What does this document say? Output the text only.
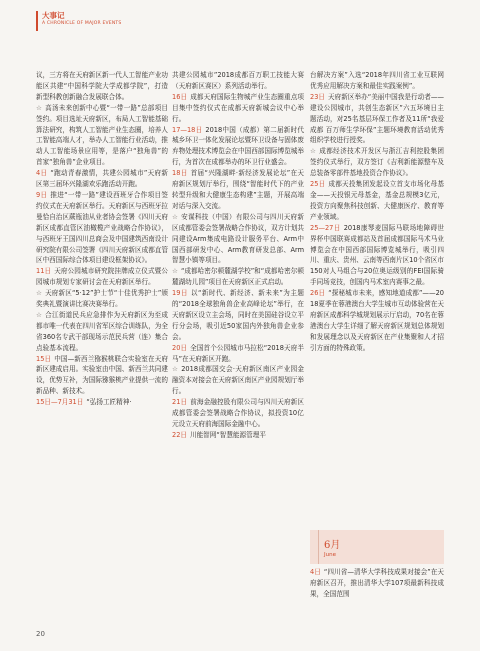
大事记
A CHRONICLE OF MAJOR EVENTS

议，三方将在天府新区新一代人工智能产业功能区共建“中国科学院大学成都学院”，打造新型科教创新融合发展联合体。

☆ 高汤未来创新中心暨“一带一路”总部项目签约。项目选址天府新区，布局人工智能基础算法研究，构筑人工智能产业生态圈，培养人工智能高端人才，举办人工智能行业活动，推动人工智能场景应用等，是落户“独角兽”的首家“独角兽”企业项目。

4日 “跑动青春激情，共建公园城市”天府新区第三届环兴隆湖欢乐跑活动开跑。

9日 推进“一带一路”建设西班牙合作项目签约仪式在天府新区举行。天府新区与西班牙拉曼恰自治区蕨瓶油从业者协会签署《四川天府新区成都直管区油橄榄产业战略合作协议》，与西班牙王国四川总商会及中国建筑西南设计研究院有限公司签署《四川天府新区成都直管区中西国际综合体项目建设框架协议》。

11日 天府公园城市研究院挂牌成立仪式暨公园城市规划专家研讨会在天府新区举行。

☆ 天府新区“5·12”护士节“十佳优秀护士”颁奖典礼暨演讲比赛决赛举行。

☆ 合江街道民兵应急排作为天府新区为至成都市唯一代表在四川省军区综合训练队，为全省360名专武干部现场示范民兵营（连）集合点验基本流程。

15日 中国—新西兰猕猴桃联合实验室在天府新区建成启用。实验室由中国、新西兰共同建设，优势互补，为国际猕猴桃产业提供一流的新品种、新技术。

15日—7月31日 “弘扬工匠精神·

共建公园城市”2018成都百万职工技能大赛（天府新区赛区）系列活动举行。

16日 成都天府国际生物城产业生态圈重点项目集中签约仪式在成都天府新城会议中心举行。

17—18日 2018中国（成都）第二届新时代城乡环卫一体化发展论坛暨环卫设备与固体废弃物处理技术博览会在中国西部国际博览城举行，为首次在成都举办的环卫行业盛会。

18日 首届“兴隆湖畔·新经济发展论坛”在天府新区规划厅举行，围绕“智能时代下的产业转型升级和大健康生态构建”主题，开展高端对话与深入交流。

☆ 安谋科技（中国）有限公司与四川天府新区成都管委会签署战略合作协议，双方计划共同建设Arm集成电路设计服务平台、Arm中国西部研发中心、Arm教育研发总部、Arm智慧小镇等项目。

☆ “成都哈密尔顿麓湖学校”和“成都哈密尔顿麓湖幼儿园”项目在天府新区正式启动。

19日 以“新时代、新经济、新未来”为主题的“2018全球独角兽企业高峰论坛”举行，在天府新区设立主会场，同时在美国硅谷设立平行分会场，吸引近50家国内外独角兽企业参会。

20日 全国首个公园城市马拉松“2018天府半马”在天府新区开跑。

☆ 2018成都国交会·天府新区南区产业园金融资本对接会在天府新区南区产业园规划厅举行。

21日 前海金融控股有限公司与四川天府新区成都管委会签署战略合作协议，拟投资10亿元设立天府前海国际金融中心。

22日 川能智网“智慧能源管理平

台解决方案”入选“2018年四川省工业互联网优秀应用解决方案和最佳实践案例”。

23日 天府新区举办“美丽中国我是行动者——建设公园城市，共创生态新区”六五环境日主题活动，对25名基层环保工作者及11所“我爱成都 百万师生学环保”主题环境教育活动优秀组织学校进行授奖。

☆ 成都经济技术开发区与浙江吉利控股集团签约仪式举行，双方签订《吉利新能源整车及总装备零部件基地投资合作协议》。

25日 成都天投集团发起设立首支市场化母基金——天投银元母基金，基金总规模3亿元，投资方向聚焦科技创新、大健康医疗、教育等产业领域。

25—27日 2018康琴麦国际马联场地障碍世界杯中国联赛成都站及首届成都国际马术马业博览会在中国西部国际博览城举行，吸引四川、重庆、贵州、云南等西南片区10个省区市150对人马组合与20位奥运级别的FEI国际骑手同场竞技，创国内马术室内赛事之最。

26日 “探秘城市未来，感知地道成都”——2018夏季在蓉港澳台大学生城市互动体验营在天府新区成都科学城规划展示厅启动，70名在蓉港澳台大学生详细了解天府新区规划总体规划和发展理念以及天府新区在产业集聚和人才招引方面的特殊政策。

6月
June

4日 “四川省—清华大学科技成果对接会”在天府新区召开，推出清华大学107项最新科技成果，全国范围

20
